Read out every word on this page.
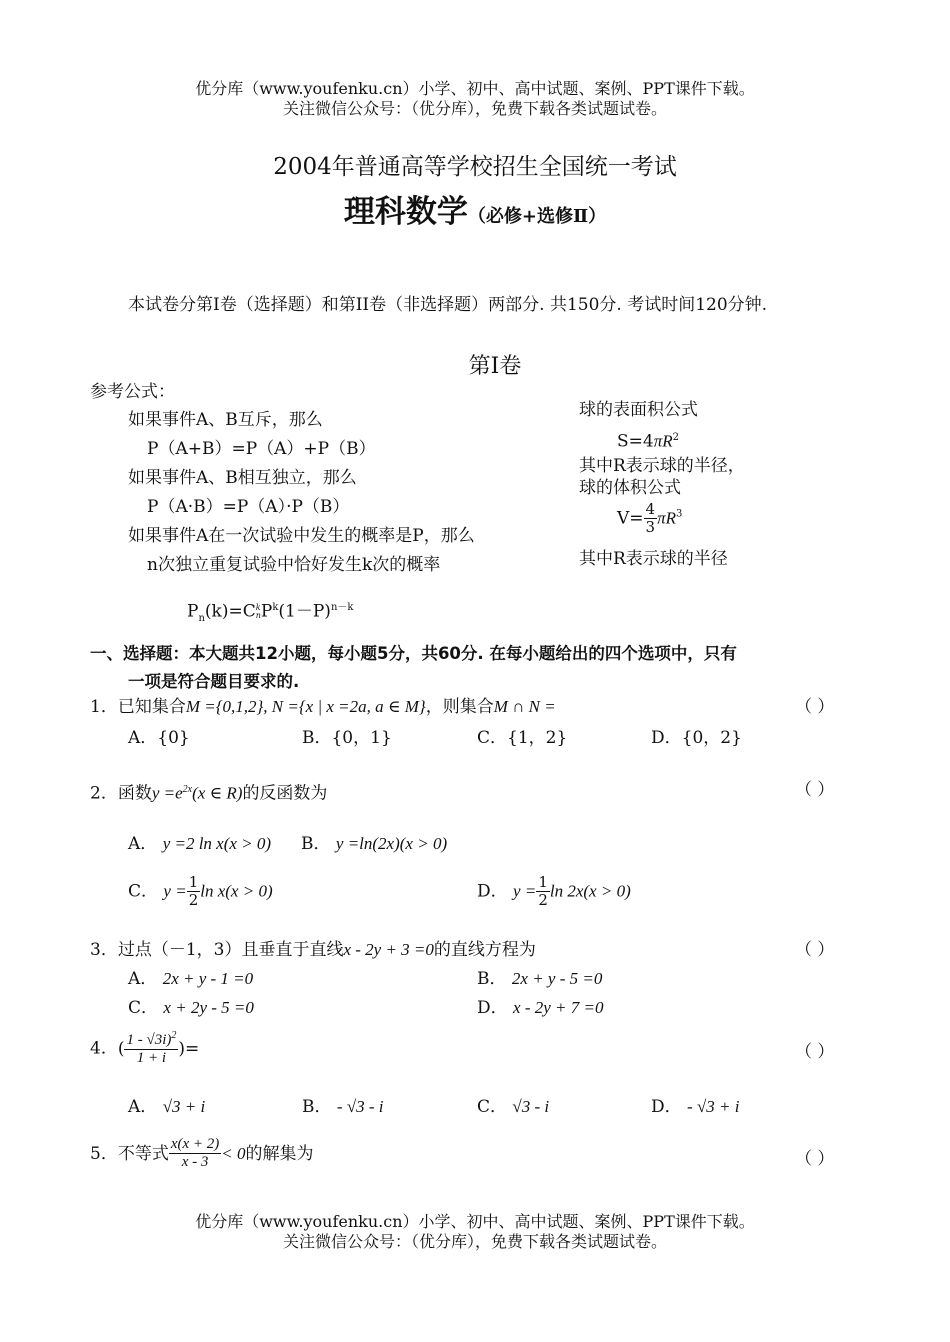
优分库（www.youfenku.cn）小学、初中、高中试题、案例、PPT课件下载。
关注微信公众号：（优分库），免费下载各类试题试卷。
2004年普通高等学校招生全国统一考试
理科数学（必修+选修Ⅱ）
本试卷分第I卷（选择题）和第II卷（非选择题）两部分. 共150分. 考试时间120分钟.
第I卷
参考公式：
如果事件A、B互斥，那么
P（A+B）=P（A）+P（B）
如果事件A、B相互独立，那么
P（A·B）=P（A）·P（B）
如果事件A在一次试验中发生的概率是P，那么
n次独立重复试验中恰好发生k次的概率
$P_n(k)=C$ k
n $P^k(1-P)^{n-k}$
球的表面积公式
$S=4\pi R^2$
其中R表示球的半径，
球的体积公式
$V= \frac{4}{3} \pi R^3$
其中R表示球的半径
一、选择题：本大题共12小题，每小题5分，共60分. 在每小题给出的四个选项中，只有
一项是符合题目要求的.
1．已知集合M ={0,1,2}, N ={x | x =2a, a ∈ M}，则集合M ∩ N =	（ ）
A．{0}	B．{0，1}	C．{1，2}	D．{0，2}
2．函数$y =e^{2x}(x$ ∈ R)的反函数为	（ ）
A． y =2 ln x(x > 0) B． y =ln(2x)(x > 0)
C． $y = \frac{1}{2}$ ln x(x > 0)	D． $y = \frac{1}{2}$ ln 2x(x > 0)
3．过点（－1，3）且垂直于直线x - 2y + 3 =0的直线方程为	（ ）
A． 2x + y - 1 =0	B． 2x + y - 5 =0
C． x + 2y - 5 =0	D． x - 2y + 7 =0
4．( $\frac{1 - √3i)^2}{1 + i}$ )=	（ ）
A． √3 + i	B． - √3 - i	C． √3 - i	D． - √3 + i
5．不等式 $\frac{x(x + 2)}{x - 3} < 0$的解集为	（ ）
优分库（www.youfenku.cn）小学、初中、高中试题、案例、PPT课件下载。
关注微信公众号：（优分库），免费下载各类试题试卷。
